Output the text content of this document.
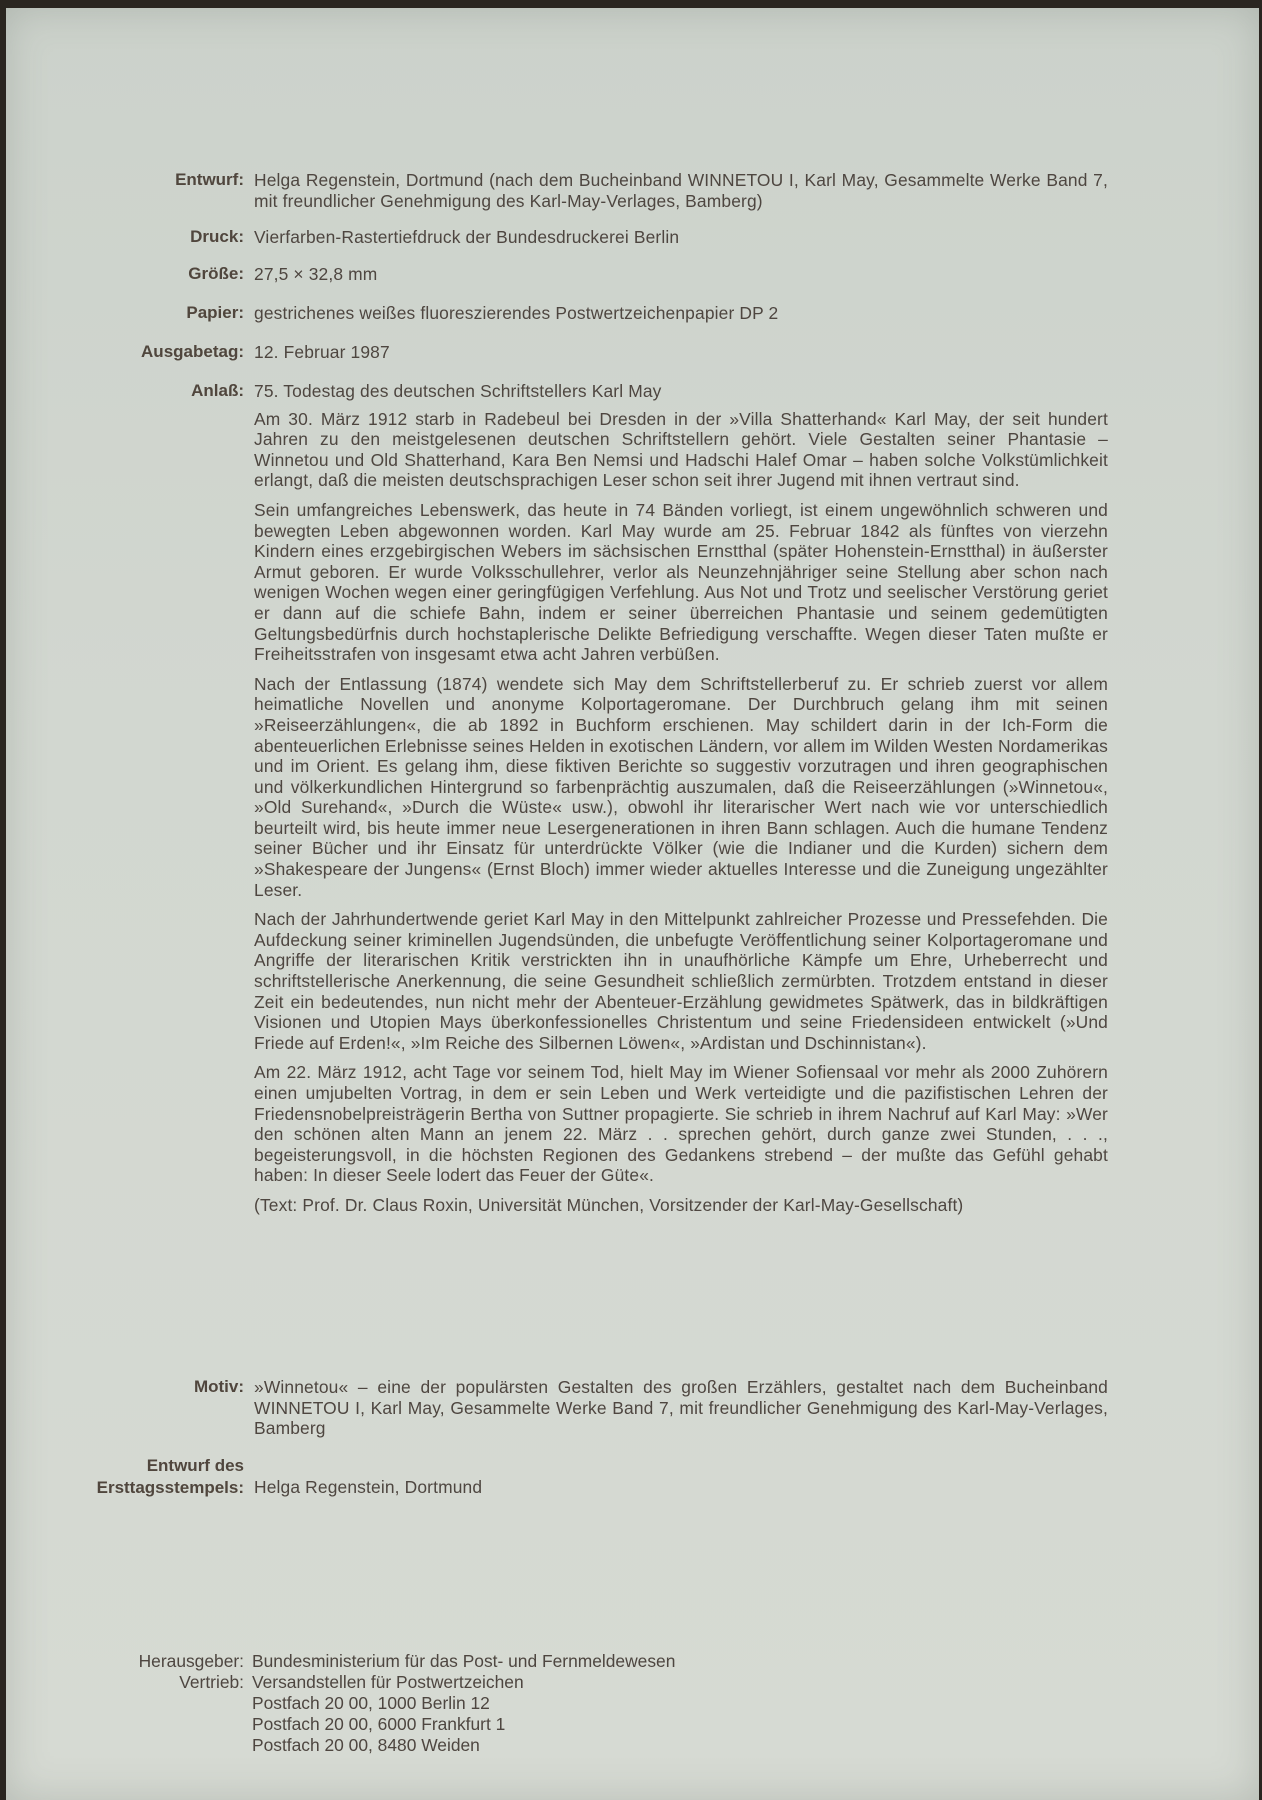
Entwurf: Helga Regenstein, Dortmund (nach dem Bucheinband WINNETOU I, Karl May, Gesammelte Werke Band 7, mit freundlicher Genehmigung des Karl-May-Verlages, Bamberg)
Druck: Vierfarben-Rastertiefdruck der Bundesdruckerei Berlin
Größe: 27,5 × 32,8 mm
Papier: gestrichenes weißes fluoreszierendes Postwertzeichenpapier DP 2
Ausgabetag: 12. Februar 1987
Anlaß: 75. Todestag des deutschen Schriftstellers Karl May

Am 30. März 1912 starb in Radebeul bei Dresden in der »Villa Shatterhand« Karl May, der seit hundert Jahren zu den meistgelesenen deutschen Schriftstellern gehört. Viele Gestalten seiner Phantasie – Winnetou und Old Shatterhand, Kara Ben Nemsi und Hadschi Halef Omar – haben solche Volkstümlichkeit erlangt, daß die meisten deutschsprachigen Leser schon seit ihrer Jugend mit ihnen vertraut sind.

Sein umfangreiches Lebenswerk, das heute in 74 Bänden vorliegt, ist einem ungewöhnlich schweren und bewegten Leben abgewonnen worden. Karl May wurde am 25. Februar 1842 als fünftes von vierzehn Kindern eines erzgebirgischen Webers im sächsischen Ernstthal (später Hohenstein-Ernstthal) in äußerster Armut geboren. Er wurde Volksschullehrer, verlor als Neunzehnjähriger seine Stellung aber schon nach wenigen Wochen wegen einer geringfügigen Verfehlung. Aus Not und Trotz und seelischer Verstörung geriet er dann auf die schiefe Bahn, indem er seiner überreichen Phantasie und seinem gedemütigten Geltungsbedürfnis durch hochstaplerische Delikte Befriedigung verschaffte. Wegen dieser Taten mußte er Freiheitsstrafen von insgesamt etwa acht Jahren verbüßen.

Nach der Entlassung (1874) wendete sich May dem Schriftstellerberuf zu. Er schrieb zuerst vor allem heimatliche Novellen und anonyme Kolportageromane. Der Durchbruch gelang ihm mit seinen »Reiseerzählungen«, die ab 1892 in Buchform erschienen. May schildert darin in der Ich-Form die abenteuerlichen Erlebnisse seines Helden in exotischen Ländern, vor allem im Wilden Westen Nordamerikas und im Orient. Es gelang ihm, diese fiktiven Berichte so suggestiv vorzutragen und ihren geographischen und völkerkundlichen Hintergrund so farbenprächtig auszumalen, daß die Reiseerzählungen (»Winnetou«, »Old Surehand«, »Durch die Wüste« usw.), obwohl ihr literarischer Wert nach wie vor unterschiedlich beurteilt wird, bis heute immer neue Lesergenerationen in ihren Bann schlagen. Auch die humane Tendenz seiner Bücher und ihr Einsatz für unterdrückte Völker (wie die Indianer und die Kurden) sichern dem »Shakespeare der Jungens« (Ernst Bloch) immer wieder aktuelles Interesse und die Zuneigung ungezählter Leser.

Nach der Jahrhundertwende geriet Karl May in den Mittelpunkt zahlreicher Prozesse und Pressefehden. Die Aufdeckung seiner kriminellen Jugendsünden, die unbefugte Veröffentlichung seiner Kolportageromane und Angriffe der literarischen Kritik verstrickten ihn in unaufhörliche Kämpfe um Ehre, Urheberrecht und schriftstellerische Anerkennung, die seine Gesundheit schließlich zermürbten. Trotzdem entstand in dieser Zeit ein bedeutendes, nun nicht mehr der Abenteuer-Erzählung gewidmetes Spätwerk, das in bildkräftigen Visionen und Utopien Mays überkonfessionelles Christentum und seine Friedensideen entwickelt (»Und Friede auf Erden!«, »Im Reiche des Silbernen Löwen«, »Ardistan und Dschinnistan«).

Am 22. März 1912, acht Tage vor seinem Tod, hielt May im Wiener Sofiensaal vor mehr als 2000 Zuhörern einen umjubelten Vortrag, in dem er sein Leben und Werk verteidigte und die pazifistischen Lehren der Friedensnobelpreisträgerin Bertha von Suttner propagierte. Sie schrieb in ihrem Nachruf auf Karl May: »Wer den schönen alten Mann an jenem 22. März . . sprechen gehört, durch ganze zwei Stunden, . . ., begeisterungsvoll, in die höchsten Regionen des Gedankens strebend – der mußte das Gefühl gehabt haben: In dieser Seele lodert das Feuer der Güte«.

(Text: Prof. Dr. Claus Roxin, Universität München, Vorsitzender der Karl-May-Gesellschaft)

Motiv: »Winnetou« – eine der populärsten Gestalten des großen Erzählers, gestaltet nach dem Bucheinband WINNETOU I, Karl May, Gesammelte Werke Band 7, mit freundlicher Genehmigung des Karl-May-Verlages, Bamberg
Entwurf des
Ersttagsstempels: Helga Regenstein, Dortmund
Herausgeber: Bundesministerium für das Post- und Fernmeldewesen
Vertrieb: Versandstellen für Postwertzeichen
Postfach 20 00, 1000 Berlin 12
Postfach 20 00, 6000 Frankfurt 1
Postfach 20 00, 8480 Weiden
